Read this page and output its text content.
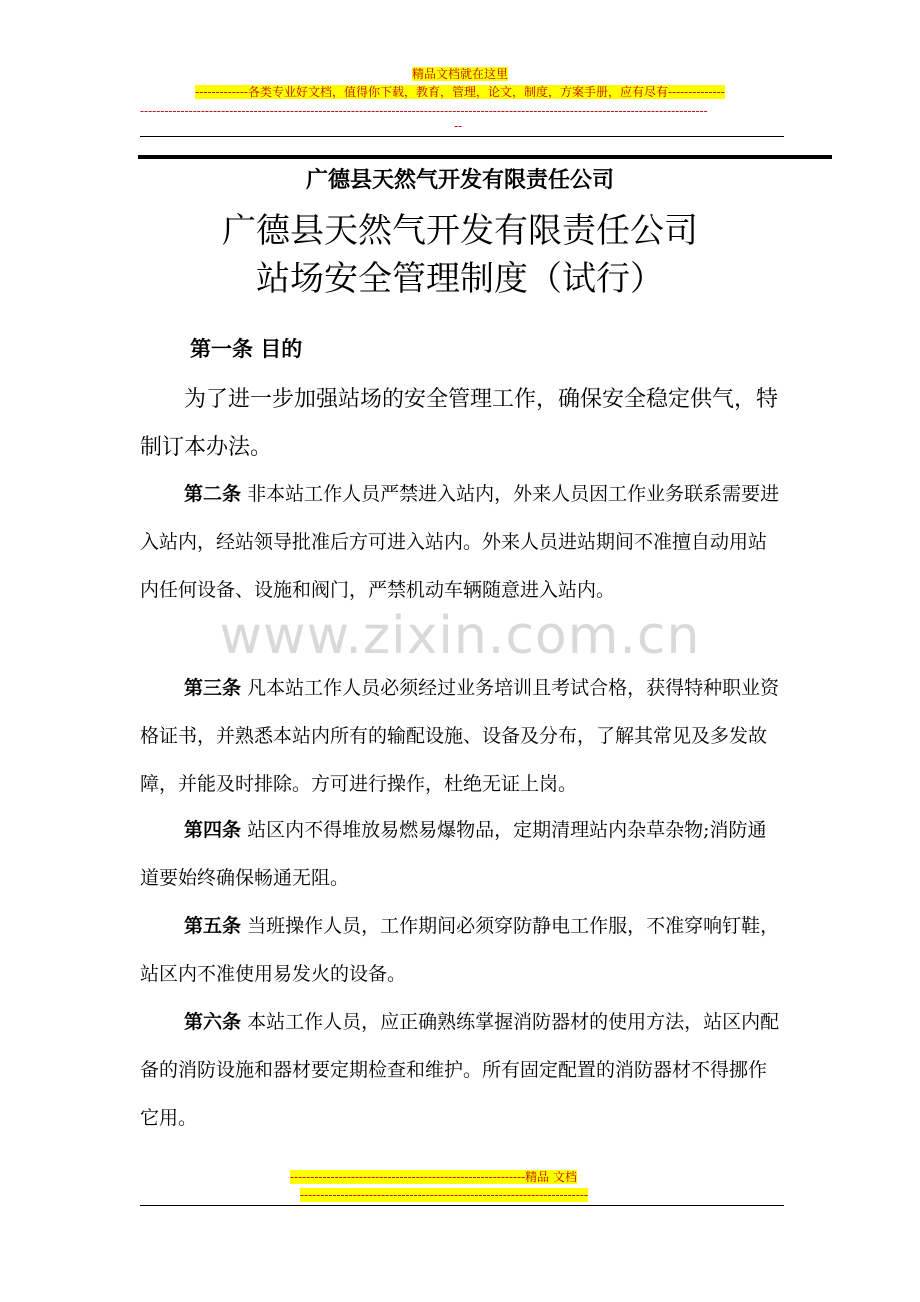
精品文档就在这里
-------------各类专业好文档，值得你下载，教育，管理，论文，制度，方案手册，应有尽有--------------
--------------------------------------------------------------------------------------------------------------------------------------------
--
广德县天然气开发有限责任公司
广德县天然气开发有限责任公司
站场安全管理制度（试行）
第一条 目的
为了进一步加强站场的安全管理工作，确保安全稳定供气，特制订本办法。
www.zixin.com.cn
第二条 非本站工作人员严禁进入站内，外来人员因工作业务联系需要进入站内，经站领导批准后方可进入站内。外来人员进站期间不准擅自动用站内任何设备、设施和阀门，严禁机动车辆随意进入站内。
第三条 凡本站工作人员必须经过业务培训且考试合格，获得特种职业资格证书，并熟悉本站内所有的输配设施、设备及分布，了解其常见及多发故障，并能及时排除。方可进行操作，杜绝无证上岗。
第四条 站区内不得堆放易燃易爆物品，定期清理站内杂草杂物;消防通道要始终确保畅通无阻。
第五条 当班操作人员，工作期间必须穿防静电工作服，不准穿响钉鞋，站区内不准使用易发火的设备。
第六条 本站工作人员，应正确熟练掌握消防器材的使用方法，站区内配备的消防设施和器材要定期检查和维护。所有固定配置的消防器材不得挪作它用。
----------------------------------------------------------精品 文档
-----------------------------------------------------------------------
